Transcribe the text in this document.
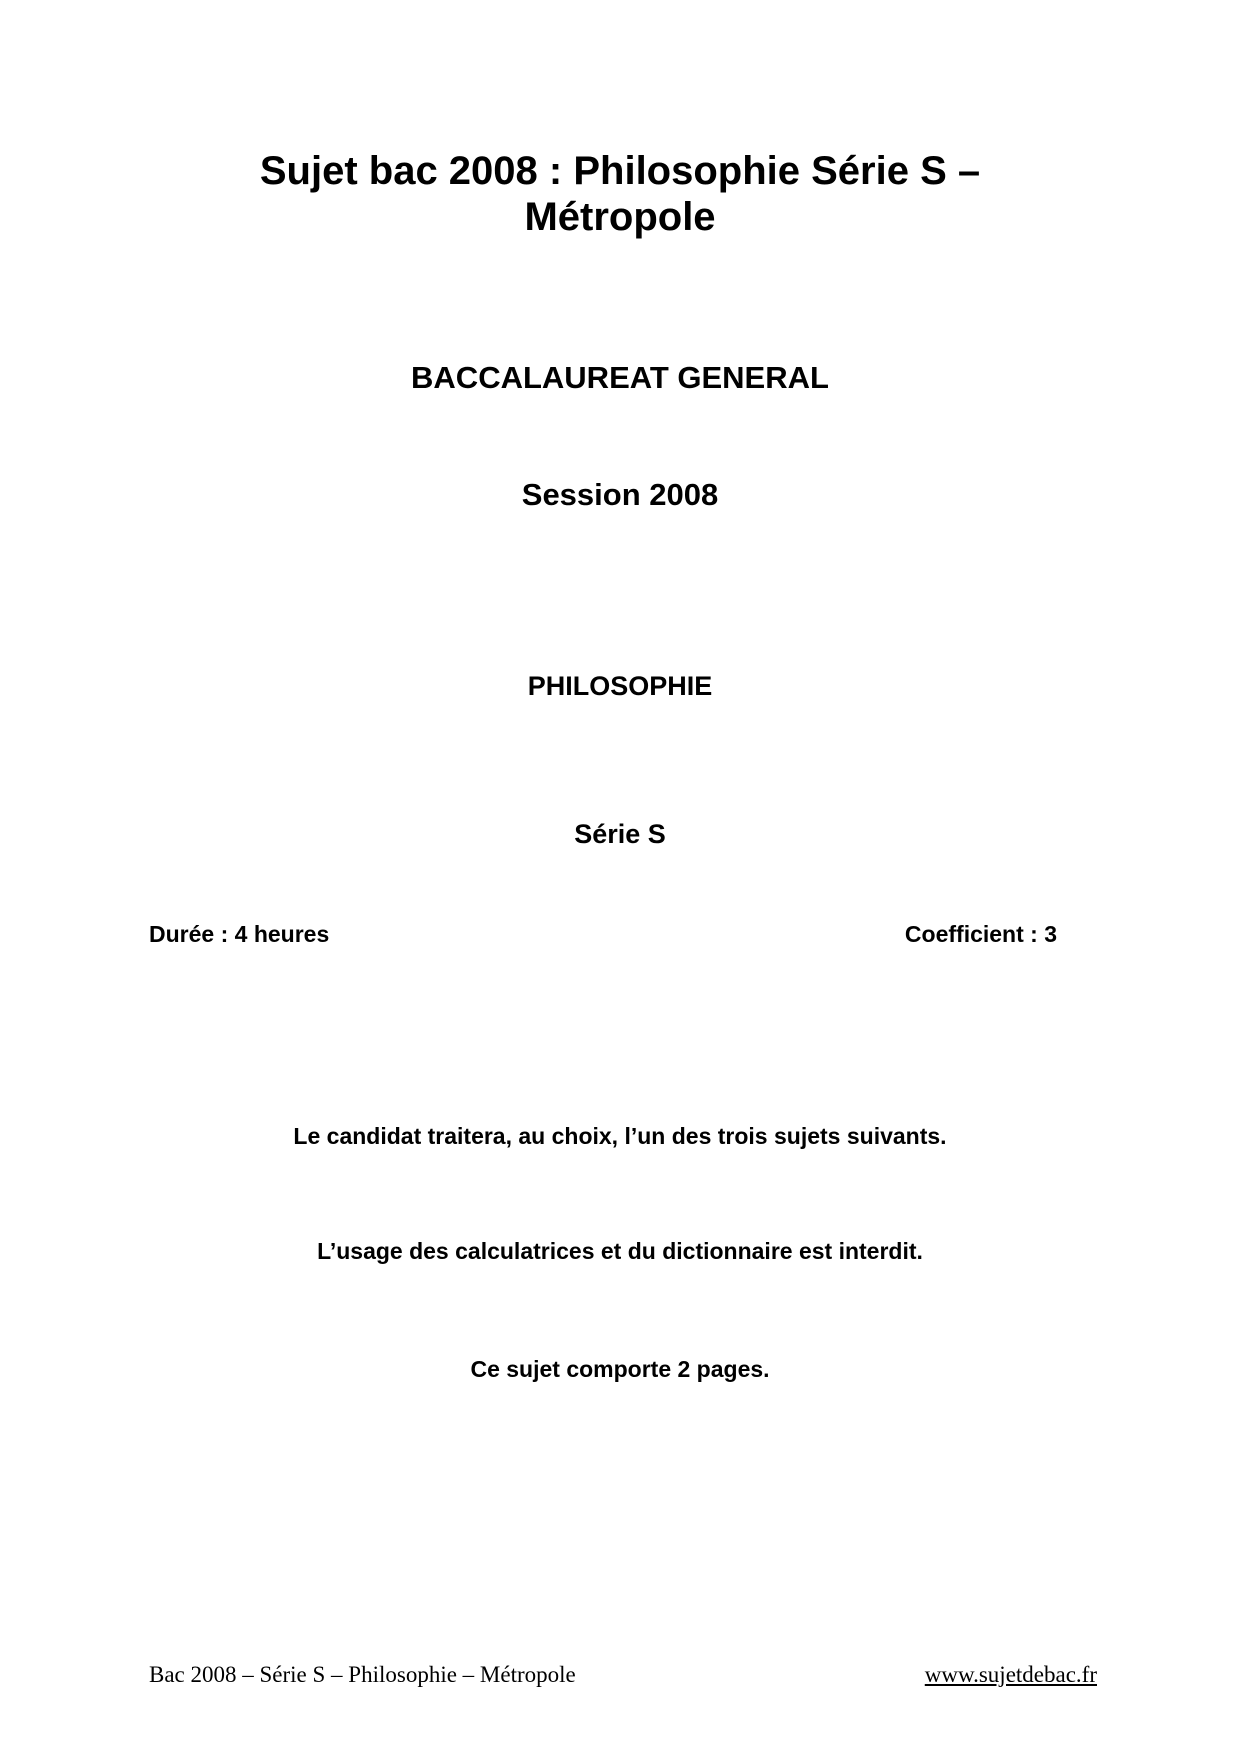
Sujet bac 2008 : Philosophie Série S –
Métropole
BACCALAUREAT GENERAL
Session 2008
PHILOSOPHIE
Série S
Durée : 4 heures	Coefficient : 3
Le candidat traitera, au choix, l’un des trois sujets suivants.
L’usage des calculatrices et du dictionnaire est interdit.
Ce sujet comporte 2 pages.
Bac 2008 – Série S – Philosophie – Métropole	www.sujetdebac.fr
